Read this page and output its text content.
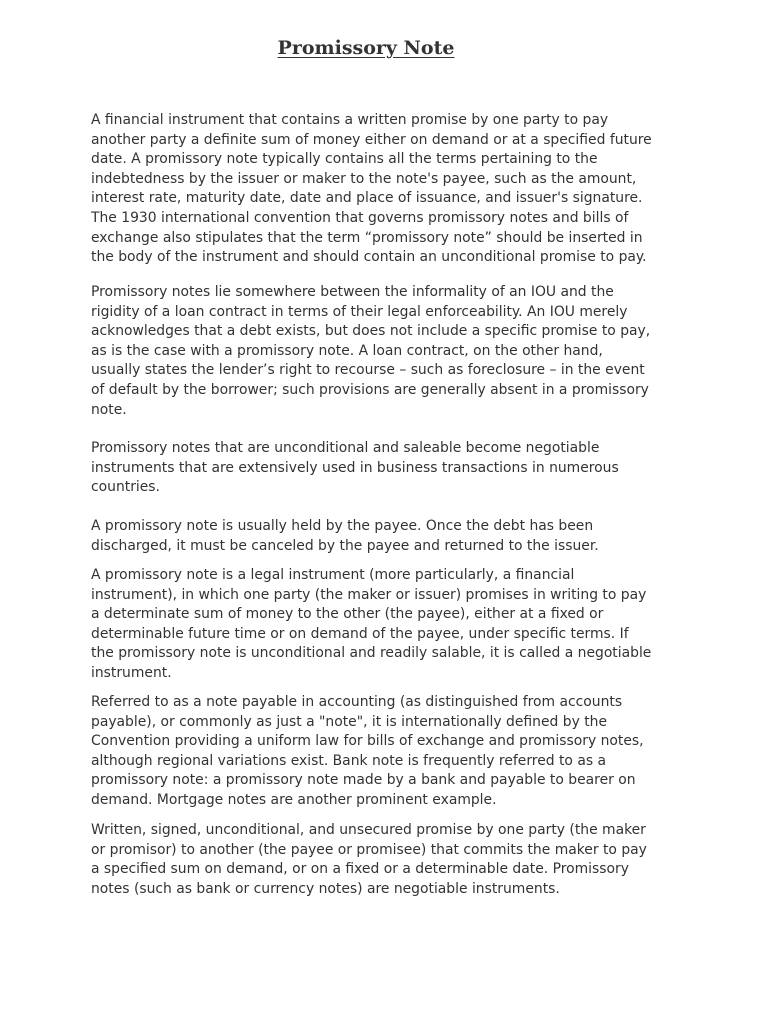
Promissory Note

A financial instrument that contains a written promise by one party to pay
another party a definite sum of money either on demand or at a specified future
date. A promissory note typically contains all the terms pertaining to the
indebtedness by the issuer or maker to the note's payee, such as the amount,
interest rate, maturity date, date and place of issuance, and issuer's signature.
The 1930 international convention that governs promissory notes and bills of
exchange also stipulates that the term “promissory note” should be inserted in
the body of the instrument and should contain an unconditional promise to pay.

Promissory notes lie somewhere between the informality of an IOU and the
rigidity of a loan contract in terms of their legal enforceability. An IOU merely
acknowledges that a debt exists, but does not include a specific promise to pay,
as is the case with a promissory note. A loan contract, on the other hand,
usually states the lender’s right to recourse – such as foreclosure – in the event
of default by the borrower; such provisions are generally absent in a promissory
note.

Promissory notes that are unconditional and saleable become negotiable
instruments that are extensively used in business transactions in numerous
countries.

A promissory note is usually held by the payee. Once the debt has been
discharged, it must be canceled by the payee and returned to the issuer.

A promissory note is a legal instrument (more particularly, a financial
instrument), in which one party (the maker or issuer) promises in writing to pay
a determinate sum of money to the other (the payee), either at a fixed or
determinable future time or on demand of the payee, under specific terms. If
the promissory note is unconditional and readily salable, it is called a negotiable
instrument.

Referred to as a note payable in accounting (as distinguished from accounts
payable), or commonly as just a "note", it is internationally defined by the
Convention providing a uniform law for bills of exchange and promissory notes,
although regional variations exist. Bank note is frequently referred to as a
promissory note: a promissory note made by a bank and payable to bearer on
demand. Mortgage notes are another prominent example.

Written, signed, unconditional, and unsecured promise by one party (the maker
or promisor) to another (the payee or promisee) that commits the maker to pay
a specified sum on demand, or on a fixed or a determinable date. Promissory
notes (such as bank or currency notes) are negotiable instruments.
